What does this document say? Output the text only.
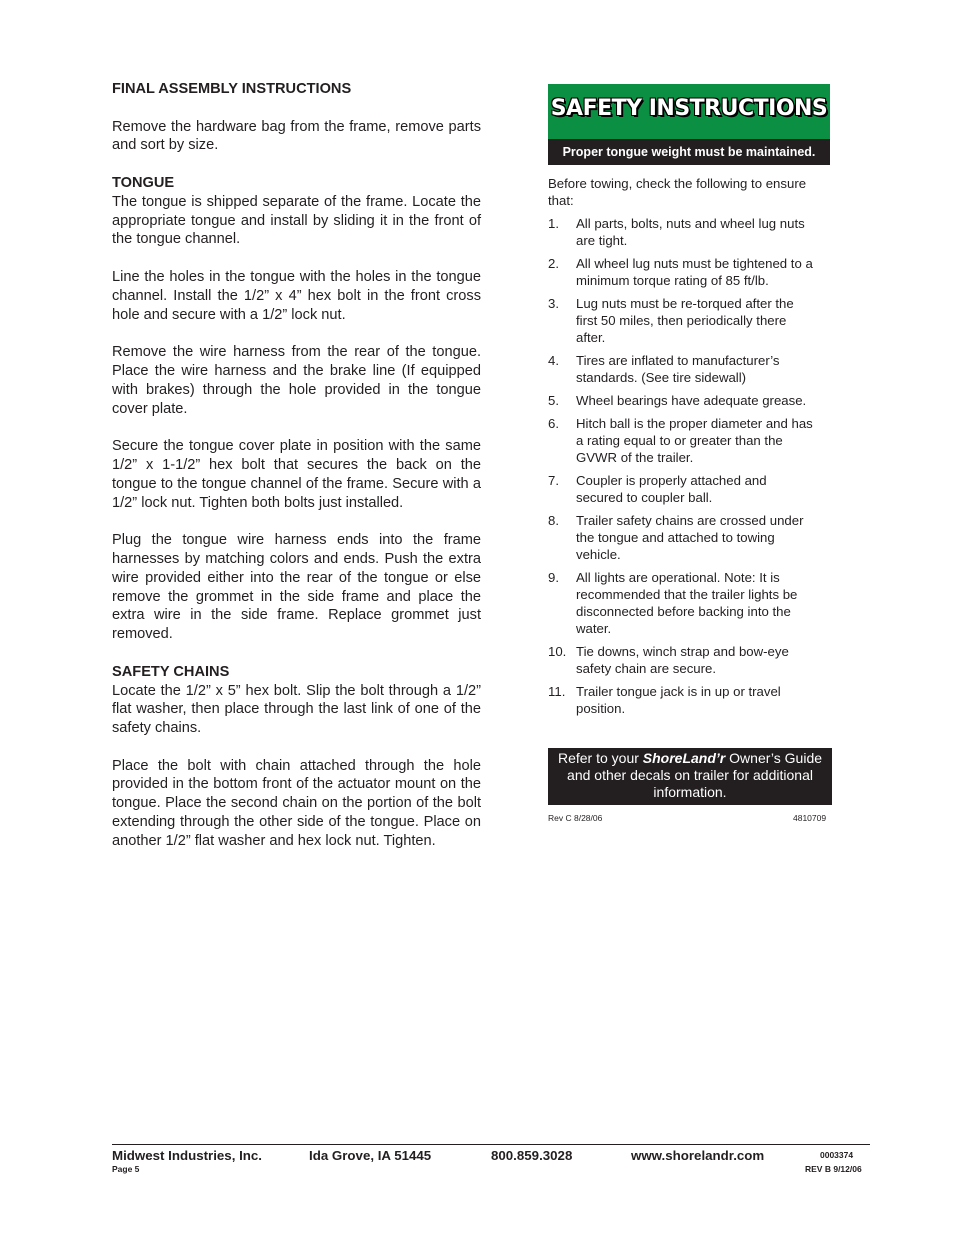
FINAL ASSEMBLY INSTRUCTIONS

Remove the hardware bag from the frame, remove parts and sort by size.

TONGUE

The tongue is shipped separate of the frame. Locate the appropriate tongue and install by sliding it in the front of the tongue channel.

Line the holes in the tongue with the holes in the tongue channel. Install the 1/2” x 4” hex bolt in the front cross hole and secure with a 1/2” lock nut.

Remove the wire harness from the rear of the tongue. Place the wire harness and the brake line (If equipped with brakes) through the hole provided in the tongue cover plate.

Secure the tongue cover plate in position with the same 1/2” x 1-1/2” hex bolt that secures the back on the tongue to the tongue channel of the frame. Secure with a 1/2” lock nut. Tighten both bolts just installed.

Plug the tongue wire harness ends into the frame harnesses by matching colors and ends. Push the extra wire provided either into the rear of the tongue or else remove the grommet in the side frame and place the extra wire in the side frame. Replace grommet just removed.

SAFETY CHAINS

Locate the 1/2” x 5” hex bolt. Slip the bolt through a 1/2” flat washer, then place through the last link of one of the safety chains.

Place the bolt with chain attached through the hole provided in the bottom front of the actuator mount on the tongue. Place the second chain on the portion of the bolt extending through the other side of the tongue. Place on another 1/2” flat washer and hex lock nut. Tighten.

SAFETY INSTRUCTIONS
Proper tongue weight must be maintained.

Before towing, check the following to ensure that:

1. All parts, bolts, nuts and wheel lug nuts are tight.
2. All wheel lug nuts must be tightened to a minimum torque rating of 85 ft/lb.
3. Lug nuts must be re-torqued after the first 50 miles, then periodically there after.
4. Tires are inflated to manufacturer’s standards. (See tire sidewall)
5. Wheel bearings have adequate grease.
6. Hitch ball is the proper diameter and has a rating equal to or greater than the GVWR of the trailer.
7. Coupler is properly attached and secured to coupler ball.
8. Trailer safety chains are crossed under the tongue and attached to towing vehicle.
9. All lights are operational. Note: It is recommended that the trailer lights be disconnected before backing into the water.
10. Tie downs, winch strap and bow-eye safety chain are secure.
11. Trailer tongue jack is in up or travel position.
Refer to your ShoreLand’r Owner’s Guide and other decals on trailer for additional information.
Rev C 8/28/06	4810709
Midwest Industries, Inc.	Ida Grove, IA 51445	800.859.3028	www.shorelandr.com	0003374
Page 5	REV B 9/12/06
